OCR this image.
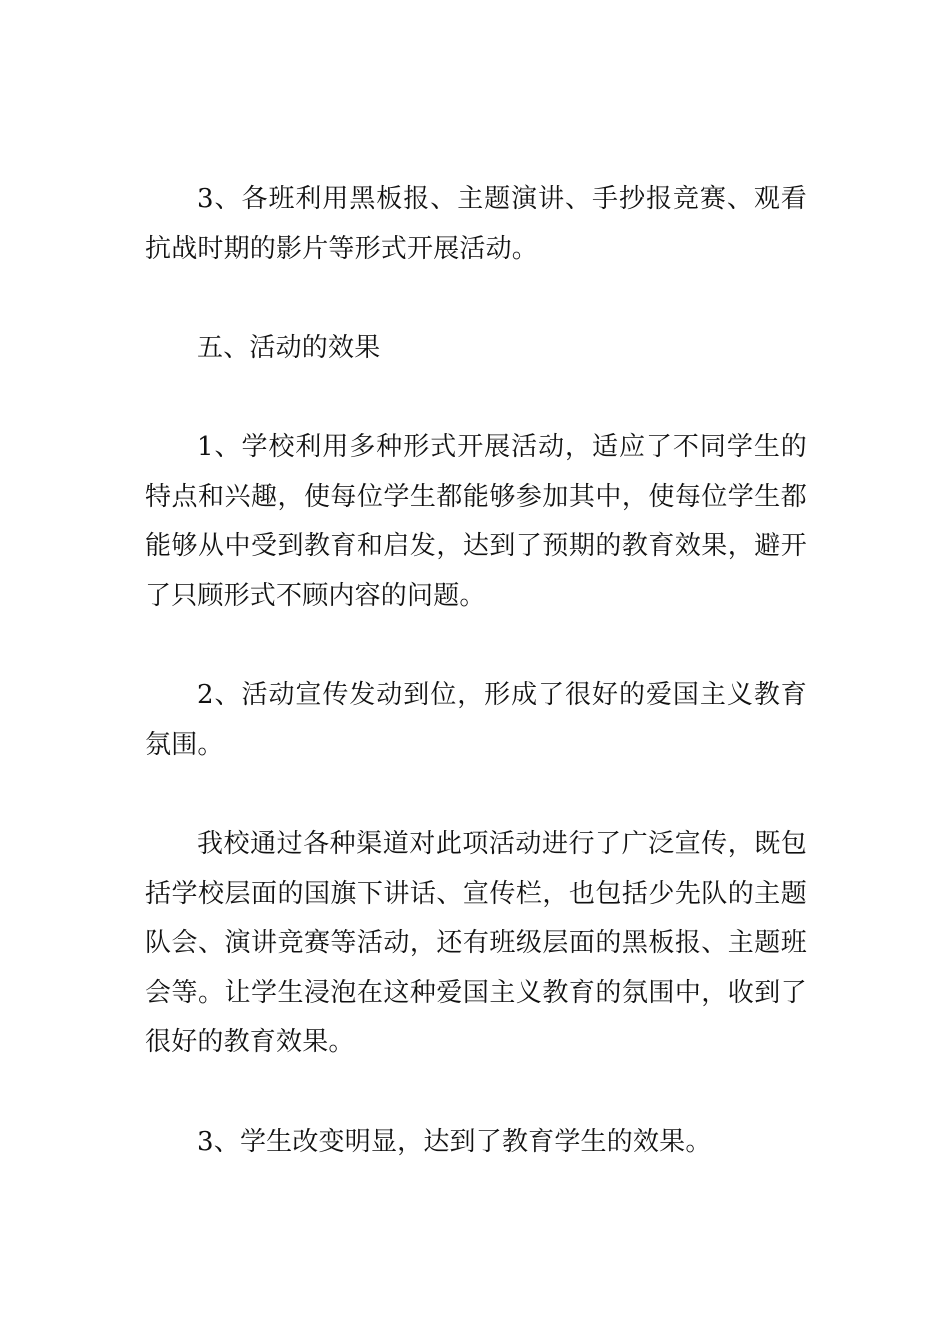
3、各班利用黑板报、主题演讲、手抄报竞赛、观看抗战时期的影片等形式开展活动。

五、活动的效果

1、学校利用多种形式开展活动，适应了不同学生的特点和兴趣，使每位学生都能够参加其中，使每位学生都能够从中受到教育和启发，达到了预期的教育效果，避开了只顾形式不顾内容的问题。

2、活动宣传发动到位，形成了很好的爱国主义教育氛围。

我校通过各种渠道对此项活动进行了广泛宣传，既包括学校层面的国旗下讲话、宣传栏，也包括少先队的主题队会、演讲竞赛等活动，还有班级层面的黑板报、主题班会等。让学生浸泡在这种爱国主义教育的氛围中，收到了很好的教育效果。

3、学生改变明显，达到了教育学生的效果。
